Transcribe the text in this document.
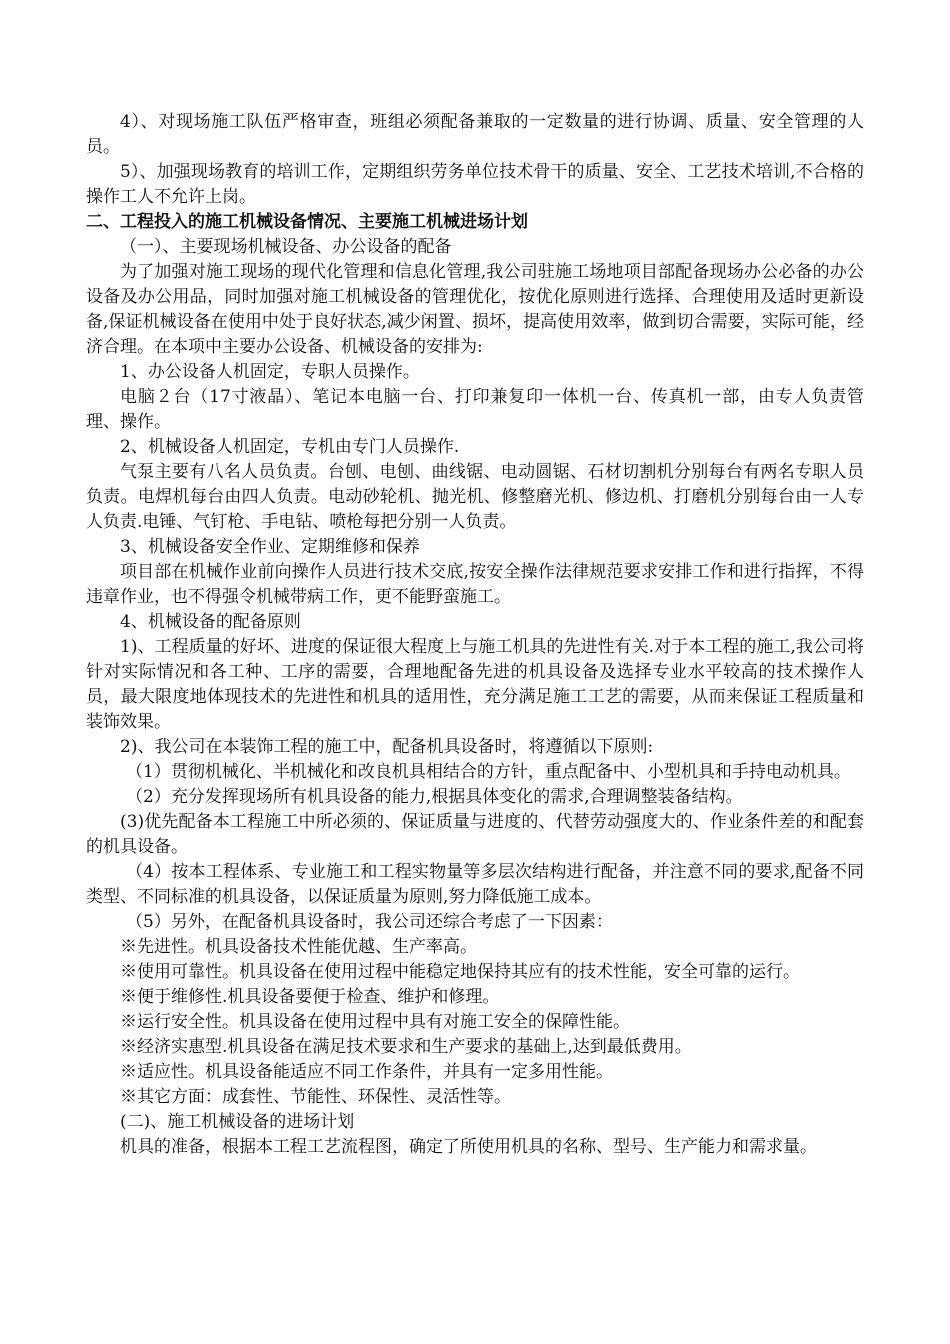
4）、对现场施工队伍严格审查，班组必须配备兼取的一定数量的进行协调、质量、安全管理的人员。

5）、加强现场教育的培训工作，定期组织劳务单位技术骨干的质量、安全、工艺技术培训,不合格的操作工人不允许上岗。

二、工程投入的施工机械设备情况、主要施工机械进场计划

（一）、主要现场机械设备、办公设备的配备

为了加强对施工现场的现代化管理和信息化管理,我公司驻施工场地项目部配备现场办公必备的办公设备及办公用品，同时加强对施工机械设备的管理优化，按优化原则进行选择、合理使用及适时更新设备,保证机械设备在使用中处于良好状态,减少闲置、损坏，提高使用效率，做到切合需要，实际可能，经济合理。在本项中主要办公设备、机械设备的安排为:

1、办公设备人机固定，专职人员操作。

电脑２台（17寸液晶）、笔记本电脑一台、打印兼复印一体机一台、传真机一部，由专人负责管理、操作。

2、机械设备人机固定，专机由专门人员操作.

气泵主要有八名人员负责。台刨、电刨、曲线锯、电动圆锯、石材切割机分别每台有两名专职人员负责。电焊机每台由四人负责。电动砂轮机、抛光机、修整磨光机、修边机、打磨机分别每台由一人专人负责.电锤、气钉枪、手电钻、喷枪每把分别一人负责。

3、机械设备安全作业、定期维修和保养

项目部在机械作业前向操作人员进行技术交底,按安全操作法律规范要求安排工作和进行指挥，不得违章作业，也不得强令机械带病工作，更不能野蛮施工。

4、机械设备的配备原则

1)、工程质量的好坏、进度的保证很大程度上与施工机具的先进性有关.对于本工程的施工,我公司将针对实际情况和各工种、工序的需要，合理地配备先进的机具设备及选择专业水平较高的技术操作人员，最大限度地体现技术的先进性和机具的适用性，充分满足施工工艺的需要，从而来保证工程质量和装饰效果。

2)、我公司在本装饰工程的施工中，配备机具设备时，将遵循以下原则:

（1）贯彻机械化、半机械化和改良机具相结合的方针，重点配备中、小型机具和手持电动机具。

（2）充分发挥现场所有机具设备的能力,根据具体变化的需求,合理调整装备结构。

(3)优先配备本工程施工中所必须的、保证质量与进度的、代替劳动强度大的、作业条件差的和配套的机具设备。

（4）按本工程体系、专业施工和工程实物量等多层次结构进行配备，并注意不同的要求,配备不同类型、不同标准的机具设备，以保证质量为原则,努力降低施工成本。

（5）另外，在配备机具设备时，我公司还综合考虑了一下因素：

※先进性。机具设备技术性能优越、生产率高。

※使用可靠性。机具设备在使用过程中能稳定地保持其应有的技术性能，安全可靠的运行。

※便于维修性.机具设备要便于检查、维护和修理。

※运行安全性。机具设备在使用过程中具有对施工安全的保障性能。

※经济实惠型.机具设备在满足技术要求和生产要求的基础上,达到最低费用。

※适应性。机具设备能适应不同工作条件，并具有一定多用性能。

※其它方面：成套性、节能性、环保性、灵活性等。

(二)、施工机械设备的进场计划

机具的准备，根据本工程工艺流程图，确定了所使用机具的名称、型号、生产能力和需求量。
